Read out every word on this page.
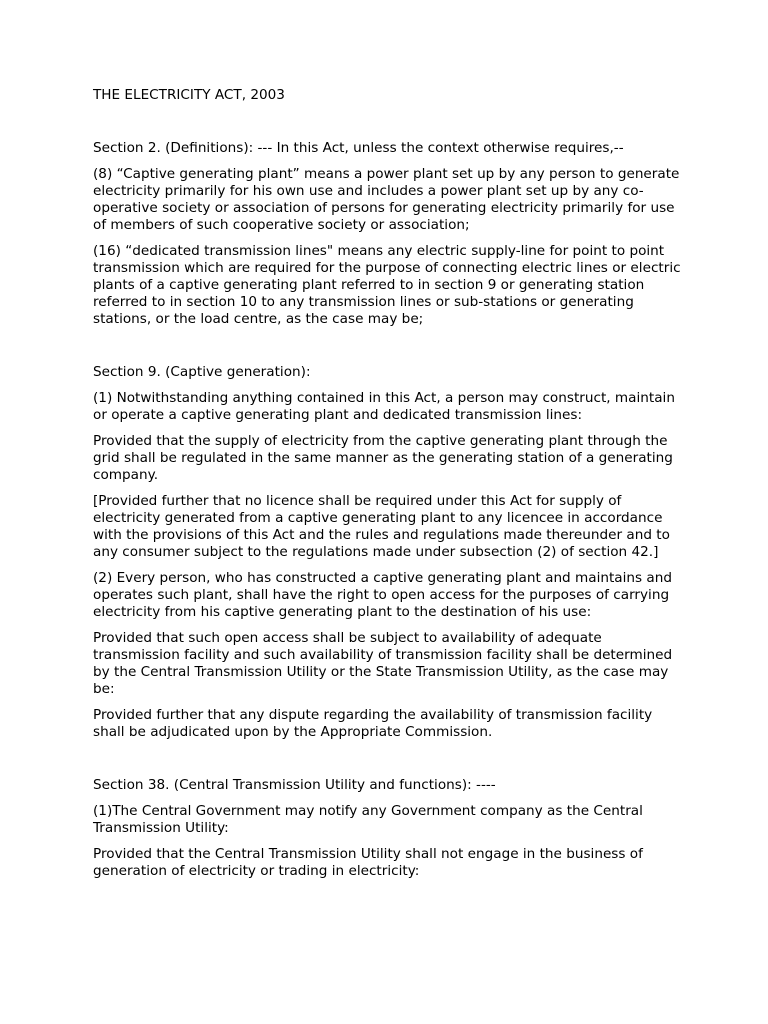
THE ELECTRICITY ACT, 2003

Section 2. (Definitions): --- In this Act, unless the context otherwise requires,--

(8) “Captive generating plant” means a power plant set up by any person to generate electricity primarily for his own use and includes a power plant set up by any co-operative society or association of persons for generating electricity primarily for use of members of such cooperative society or association;

(16) “dedicated transmission lines" means any electric supply-line for point to point transmission which are required for the purpose of connecting electric lines or electric plants of a captive generating plant referred to in section 9 or generating station referred to in section 10 to any transmission lines or sub-stations or generating stations, or the load centre, as the case may be;

Section 9. (Captive generation):

(1) Notwithstanding anything contained in this Act, a person may construct, maintain or operate a captive generating plant and dedicated transmission lines:

Provided that the supply of electricity from the captive generating plant through the grid shall be regulated in the same manner as the generating station of a generating company.

[Provided further that no licence shall be required under this Act for supply of electricity generated from a captive generating plant to any licencee in accordance with the provisions of this Act and the rules and regulations made thereunder and to any consumer subject to the regulations made under subsection (2) of section 42.]

(2) Every person, who has constructed a captive generating plant and maintains and operates such plant, shall have the right to open access for the purposes of carrying electricity from his captive generating plant to the destination of his use:

Provided that such open access shall be subject to availability of adequate transmission facility and such availability of transmission facility shall be determined by the Central Transmission Utility or the State Transmission Utility, as the case may be:

Provided further that any dispute regarding the availability of transmission facility shall be adjudicated upon by the Appropriate Commission.

Section 38. (Central Transmission Utility and functions): ----

(1)The Central Government may notify any Government company as the Central Transmission Utility:

Provided that the Central Transmission Utility shall not engage in the business of generation of electricity or trading in electricity:
